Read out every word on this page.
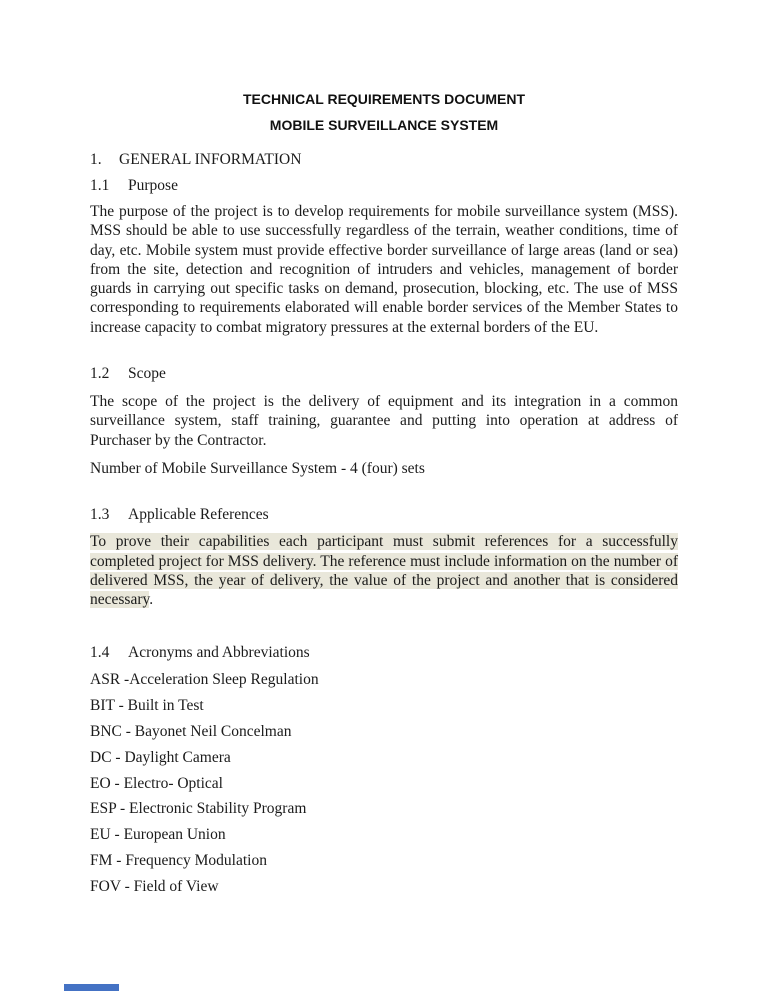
TECHNICAL REQUIREMENTS DOCUMENT
MOBILE SURVEILLANCE SYSTEM
1.	GENERAL INFORMATION
1.1	Purpose

The purpose of the project is to develop requirements for mobile surveillance system (MSS). MSS should be able to use successfully regardless of the terrain, weather conditions, time of day, etc. Mobile system must provide effective border surveillance of large areas (land or sea) from the site, detection and recognition of intruders and vehicles, management of border guards in carrying out specific tasks on demand, prosecution, blocking, etc. The use of MSS corresponding to requirements elaborated will enable border services of the Member States to increase capacity to combat migratory pressures at the external borders of the EU.

1.2	Scope

The scope of the project is the delivery of equipment and its integration in a common surveillance system, staff training, guarantee and putting into operation at address of Purchaser by the Contractor.

Number of Mobile Surveillance System - 4 (four) sets

1.3	Applicable References

To prove their capabilities each participant must submit references for a successfully completed project for MSS delivery. The reference must include information on the number of delivered MSS, the year of delivery, the value of the project and another that is considered necessary.

1.4	Acronyms and Abbreviations

ASR -Acceleration Sleep Regulation

BIT - Built in Test

BNC - Bayonet Neil Concelman

DC - Daylight Camera

EO - Electro- Optical

ESP - Electronic Stability Program

EU - European Union

FM - Frequency Modulation

FOV - Field of View
